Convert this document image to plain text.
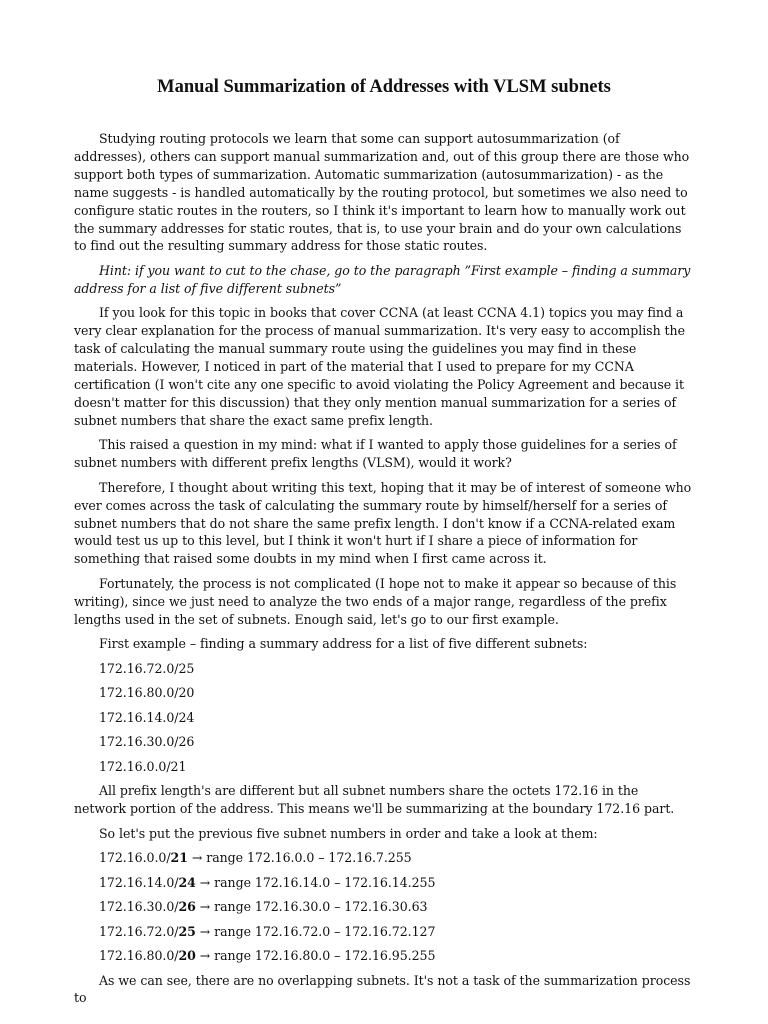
Manual Summarization of Addresses with VLSM subnets

Studying routing protocols we learn that some can support autosummarization (of addresses), others can support manual summarization and, out of this group there are those who support both types of summarization. Automatic summarization (autosummarization) - as the name suggests - is handled automatically by the routing protocol, but sometimes we also need to configure static routes in the routers, so I think it's important to learn how to manually work out the summary addresses for static routes, that is, to use your brain and do your own calculations to find out the resulting summary address for those static routes.

Hint: if you want to cut to the chase, go to the paragraph ”First example – finding a summary address for a list of five different subnets”

If you look for this topic in books that cover CCNA (at least CCNA 4.1) topics you may find a very clear explanation for the process of manual summarization. It's very easy to accomplish the task of calculating the manual summary route using the guidelines you may find in these materials. However, I noticed in part of the material that I used to prepare for my CCNA certification (I won't cite any one specific to avoid violating the Policy Agreement and because it doesn't matter for this discussion) that they only mention manual summarization for a series of subnet numbers that share the exact same prefix length.

This raised a question in my mind: what if I wanted to apply those guidelines for a series of subnet numbers with different prefix lengths (VLSM), would it work?

Therefore, I thought about writing this text, hoping that it may be of interest of someone who ever comes across the task of calculating the summary route by himself/herself for a series of subnet numbers that do not share the same prefix length. I don't know if a CCNA-related exam would test us up to this level, but I think it won't hurt if I share a piece of information for something that raised some doubts in my mind when I first came across it.

Fortunately, the process is not complicated (I hope not to make it appear so because of this writing), since we just need to analyze the two ends of a major range, regardless of the prefix lengths used in the set of subnets. Enough said, let's go to our first example.

First example – finding a summary address for a list of five different subnets:

172.16.72.0/25
172.16.80.0/20
172.16.14.0/24
172.16.30.0/26
172.16.0.0/21

All prefix length's are different but all subnet numbers share the octets 172.16 in the network portion of the address. This means we'll be summarizing at the boundary 172.16 part.

So let's put the previous five subnet numbers in order and take a look at them:

172.16.0.0/21 → range 172.16.0.0 – 172.16.7.255
172.16.14.0/24 → range 172.16.14.0 – 172.16.14.255
172.16.30.0/26 → range 172.16.30.0 – 172.16.30.63
172.16.72.0/25 → range 172.16.72.0 – 172.16.72.127
172.16.80.0/20 → range 172.16.80.0 – 172.16.95.255

As we can see, there are no overlapping subnets. It's not a task of the summarization process to
